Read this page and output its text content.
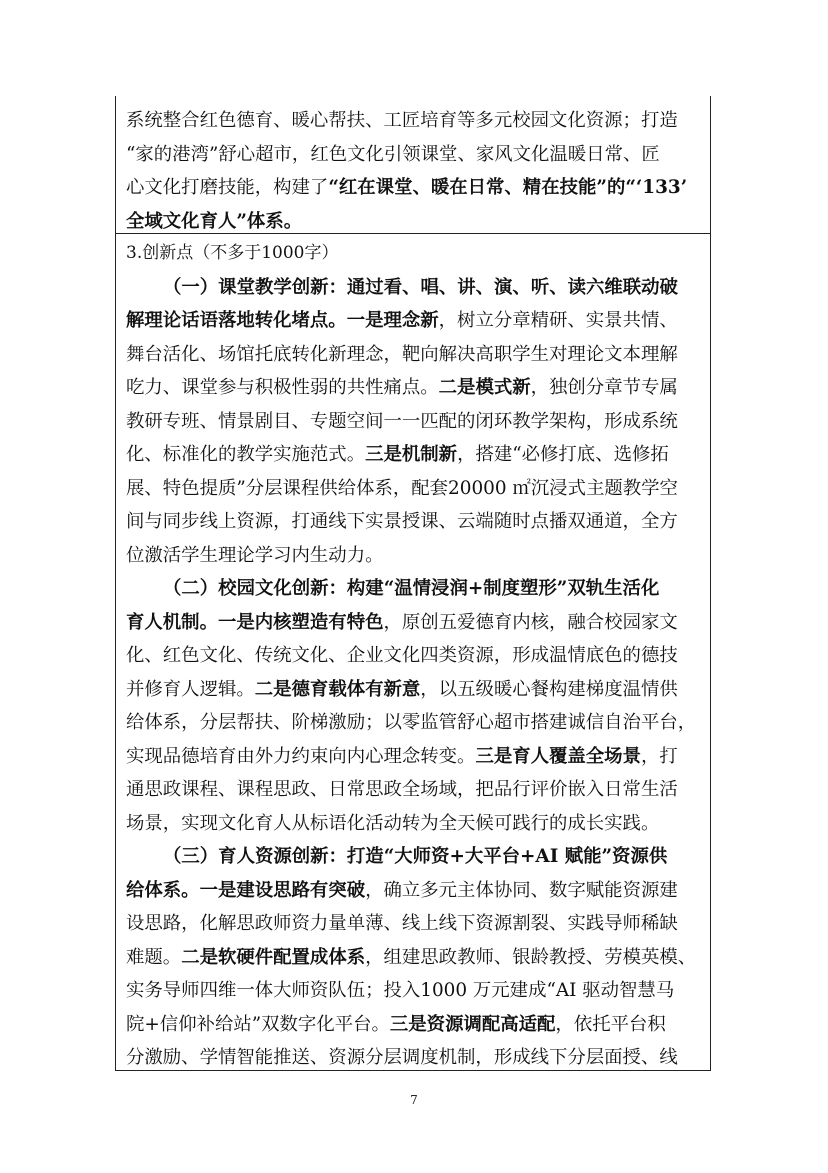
系统整合红色德育、暖心帮扶、工匠培育等多元校园文化资源；打造
“家的港湾”舒心超市，红色文化引领课堂、家风文化温暖日常、匠
心文化打磨技能，构建了“红在课堂、暖在日常、精在技能”的“‘133’
全域文化育人”体系。
3.创新点（不多于1000字）
（一）课堂教学创新：通过看、唱、讲、演、听、读六维联动破
解理论话语落地转化堵点。一是理念新，树立分章精研、实景共情、
舞台活化、场馆托底转化新理念，靶向解决高职学生对理论文本理解
吃力、课堂参与积极性弱的共性痛点。二是模式新，独创分章节专属
教研专班、情景剧目、专题空间一一匹配的闭环教学架构，形成系统
化、标准化的教学实施范式。三是机制新，搭建“必修打底、选修拓
展、特色提质”分层课程供给体系，配套20000 ㎡沉浸式主题教学空
间与同步线上资源，打通线下实景授课、云端随时点播双通道，全方
位激活学生理论学习内生动力。
（二）校园文化创新：构建“温情浸润+制度塑形”双轨生活化
育人机制。一是内核塑造有特色，原创五爱德育内核，融合校园家文
化、红色文化、传统文化、企业文化四类资源，形成温情底色的德技
并修育人逻辑。二是德育载体有新意，以五级暖心餐构建梯度温情供
给体系，分层帮扶、阶梯激励；以零监管舒心超市搭建诚信自治平台，
实现品德培育由外力约束向内心理念转变。三是育人覆盖全场景，打
通思政课程、课程思政、日常思政全场域，把品行评价嵌入日常生活
场景，实现文化育人从标语化活动转为全天候可践行的成长实践。
（三）育人资源创新：打造“大师资+大平台+AI 赋能”资源供
给体系。一是建设思路有突破，确立多元主体协同、数字赋能资源建
设思路，化解思政师资力量单薄、线上线下资源割裂、实践导师稀缺
难题。二是软硬件配置成体系，组建思政教师、银龄教授、劳模英模、
实务导师四维一体大师资队伍；投入1000 万元建成“AI 驱动智慧马
院+信仰补给站”双数字化平台。三是资源调配高适配，依托平台积
分激励、学情智能推送、资源分层调度机制，形成线下分层面授、线
7
